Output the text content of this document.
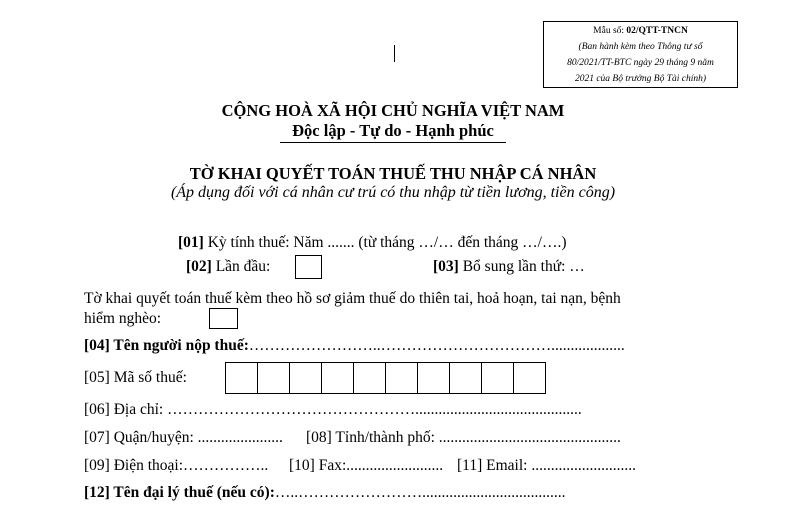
Mẫu số: 02/QTT-TNCN
(Ban hành kèm theo Thông tư số
80/2021/TT-BTC ngày 29 tháng 9 năm
2021 của Bộ trưởng Bộ Tài chính)
CỘNG HOÀ XÃ HỘI CHỦ NGHĨA VIỆT NAM
Độc lập - Tự do - Hạnh phúc
TỜ KHAI QUYẾT TOÁN THUẾ THU NHẬP CÁ NHÂN
(Áp dụng đối với cá nhân cư trú có thu nhập từ tiền lương, tiền công)
[01] Kỳ tính thuế: Năm ....... (từ tháng …/… đến tháng …/….)
[02] Lần đầu:	[03] Bổ sung lần thứ: …
Tờ khai quyết toán thuế kèm theo hồ sơ giảm thuế do thiên tai, hoả hoạn, tai nạn, bệnh
hiểm nghèo:
[04] Tên người nộp thuế:……………………..……………………………...................
[05] Mã số thuế:
[06] Địa chỉ: …………………………………………...........................................
[07] Quận/huyện: ...................... [08] Tỉnh/thành phố: ...............................................
[09] Điện thoại:…………….. [10] Fax:......................... [11] Email: ...........................
[12] Tên đại lý thuế (nếu có):…..…………………….....................................
